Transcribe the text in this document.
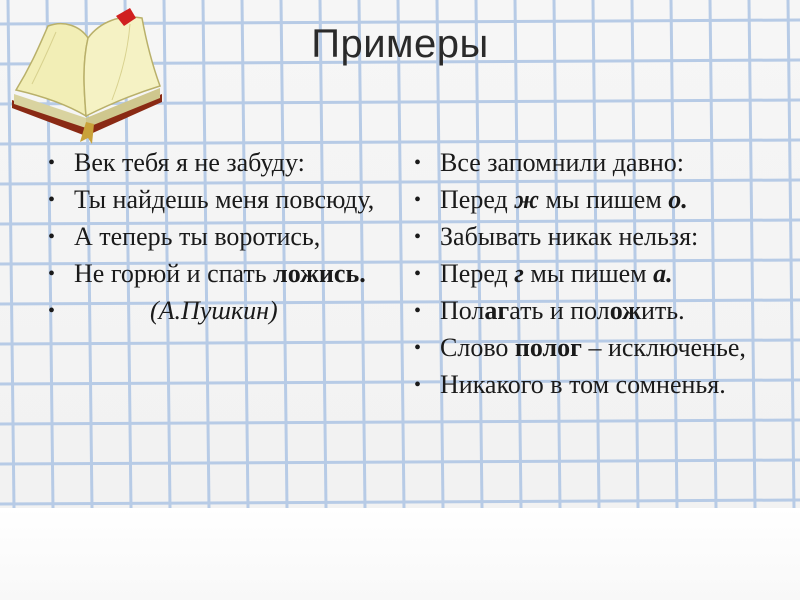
Примеры
• Век тебя я не забуду:
• Ты найдешь меня повсюду,
• А теперь ты воротись,
• Не горюй и спать ложись.
•	(А.Пушкин)
• Все запомнили давно:
• Перед ж мы пишем о.
• Забывать никак нельзя:
• Перед г мы пишем а.
• Полагать и положить.
• Слово полог – исключенье,
• Никакого в том сомненья.
